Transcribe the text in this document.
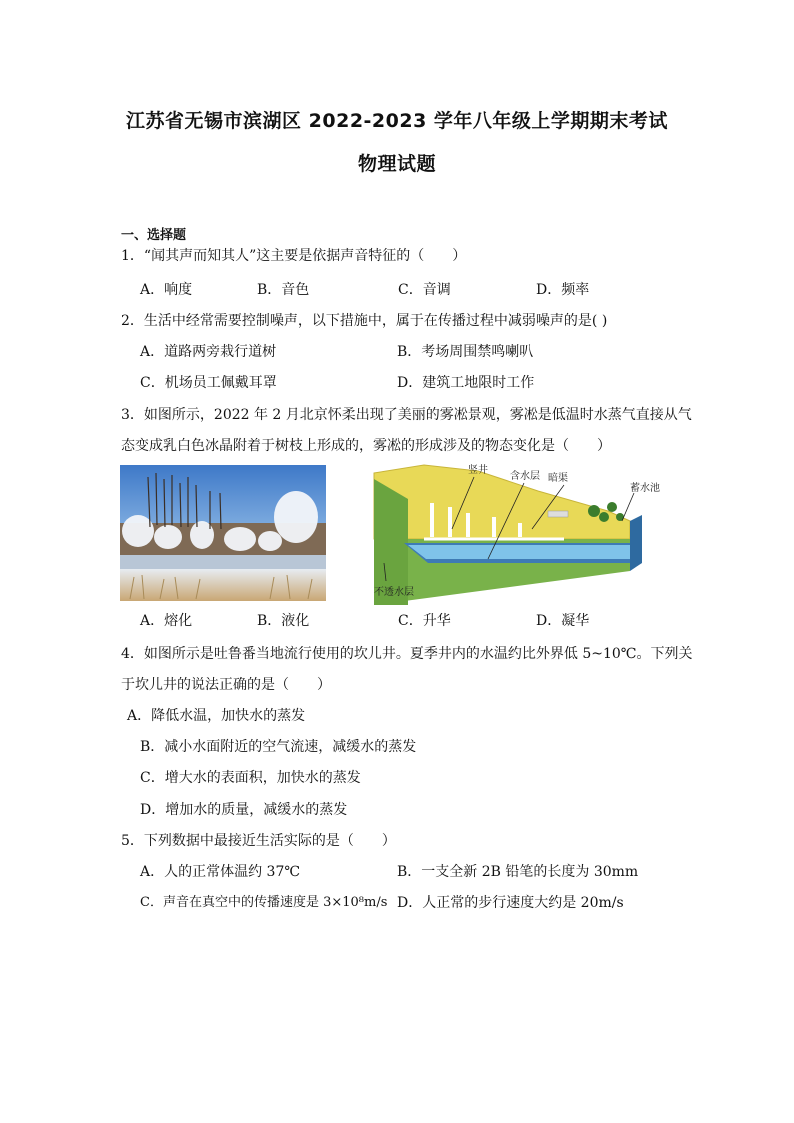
江苏省无锡市滨湖区 2022-2023 学年八年级上学期期末考试
物理试题
一、选择题
1．“闻其声而知其人”这主要是依据声音特征的（　　）
A．响度	B．音色	C．音调	D．频率
2．生活中经常需要控制噪声，以下措施中，属于在传播过程中减弱噪声的是( )
A．道路两旁栽行道树	B．考场周围禁鸣喇叭
C．机场员工佩戴耳罩	D．建筑工地限时工作
3．如图所示，2022 年 2 月北京怀柔出现了美丽的雾凇景观，雾凇是低温时水蒸气直接从气
态变成乳白色冰晶附着于树枝上形成的，雾凇的形成涉及的物态变化是（　　）
竖井
含水层 暗渠
蓄水池
不透水层
A．熔化	B．液化	C．升华	D．凝华
4．如图所示是吐鲁番当地流行使用的坎儿井。夏季井内的水温约比外界低 5~10℃。下列关
于坎儿井的说法正确的是（　　）
A．降低水温，加快水的蒸发
B．减小水面附近的空气流速，减缓水的蒸发
C．增大水的表面积，加快水的蒸发
D．增加水的质量，减缓水的蒸发
5．下列数据中最接近生活实际的是（　　）
A．人的正常体温约 37℃	B．一支全新 2B 铅笔的长度为 30mm
C．声音在真空中的传播速度是 3×10⁸m/s D．人正常的步行速度大约是 20m/s
